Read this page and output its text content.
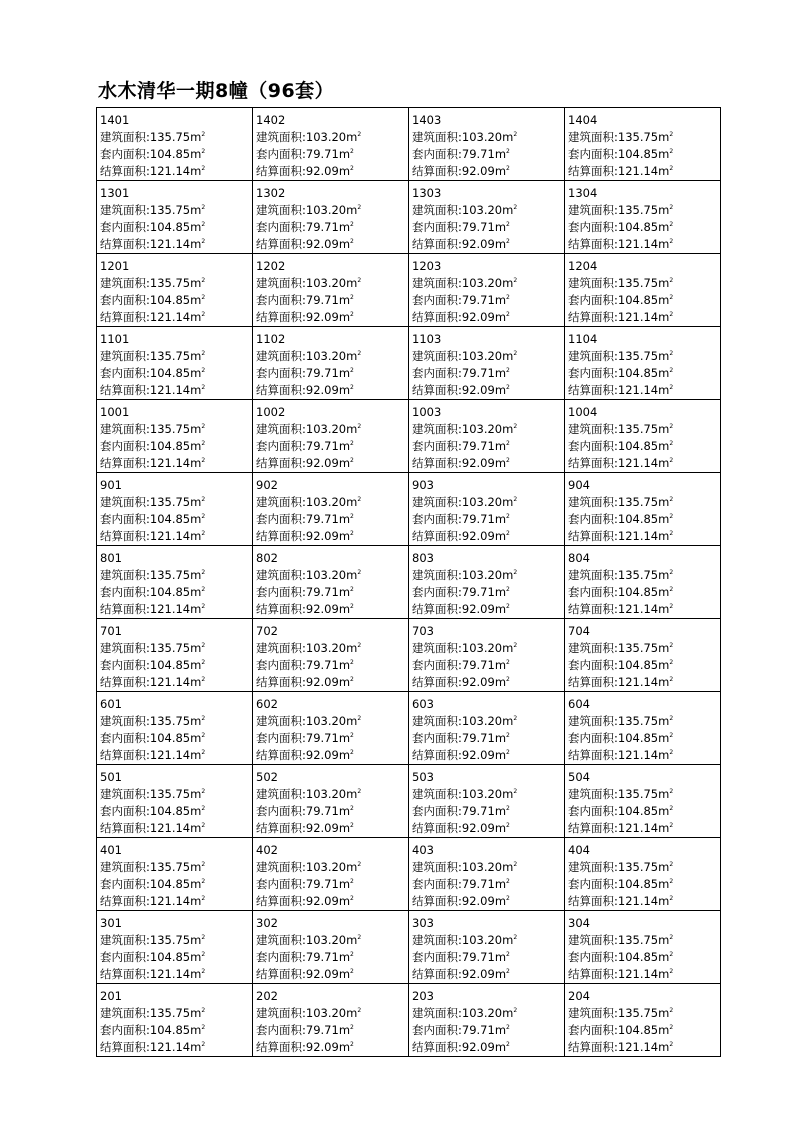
水木清华一期8幢（96套）
1401
建筑面积$:135.75m^2$
套内面积$:104.85m^2$
结算面积$:121.14m^2$	1402
建筑面积$:103.20m^2$
套内面积$:79.71m^2$
结算面积$:92.09m^2$	1403
建筑面积$:103.20m^2$
套内面积$:79.71m^2$
结算面积$:92.09m^2$	1404
建筑面积$:135.75m^2$
套内面积$:104.85m^2$
结算面积$:121.14m^2$

1301
建筑面积$:135.75m^2$
套内面积$:104.85m^2$
结算面积$:121.14m^2$	1302
建筑面积$:103.20m^2$
套内面积$:79.71m^2$
结算面积$:92.09m^2$	1303
建筑面积$:103.20m^2$
套内面积$:79.71m^2$
结算面积$:92.09m^2$	1304
建筑面积$:135.75m^2$
套内面积$:104.85m^2$
结算面积$:121.14m^2$

1201
建筑面积$:135.75m^2$
套内面积$:104.85m^2$
结算面积$:121.14m^2$	1202
建筑面积$:103.20m^2$
套内面积$:79.71m^2$
结算面积$:92.09m^2$	1203
建筑面积$:103.20m^2$
套内面积$:79.71m^2$
结算面积$:92.09m^2$	1204
建筑面积$:135.75m^2$
套内面积$:104.85m^2$
结算面积$:121.14m^2$

1101
建筑面积$:135.75m^2$
套内面积$:104.85m^2$
结算面积$:121.14m^2$	1102
建筑面积$:103.20m^2$
套内面积$:79.71m^2$
结算面积$:92.09m^2$	1103
建筑面积$:103.20m^2$
套内面积$:79.71m^2$
结算面积$:92.09m^2$	1104
建筑面积$:135.75m^2$
套内面积$:104.85m^2$
结算面积$:121.14m^2$

1001
建筑面积$:135.75m^2$
套内面积$:104.85m^2$
结算面积$:121.14m^2$	1002
建筑面积$:103.20m^2$
套内面积$:79.71m^2$
结算面积$:92.09m^2$	1003
建筑面积$:103.20m^2$
套内面积$:79.71m^2$
结算面积$:92.09m^2$	1004
建筑面积$:135.75m^2$
套内面积$:104.85m^2$
结算面积$:121.14m^2$

901
建筑面积$:135.75m^2$
套内面积$:104.85m^2$
结算面积$:121.14m^2$	902
建筑面积$:103.20m^2$
套内面积$:79.71m^2$
结算面积$:92.09m^2$	903
建筑面积$:103.20m^2$
套内面积$:79.71m^2$
结算面积$:92.09m^2$	904
建筑面积$:135.75m^2$
套内面积$:104.85m^2$
结算面积$:121.14m^2$

801
建筑面积$:135.75m^2$
套内面积$:104.85m^2$
结算面积$:121.14m^2$	802
建筑面积$:103.20m^2$
套内面积$:79.71m^2$
结算面积$:92.09m^2$	803
建筑面积$:103.20m^2$
套内面积$:79.71m^2$
结算面积$:92.09m^2$	804
建筑面积$:135.75m^2$
套内面积$:104.85m^2$
结算面积$:121.14m^2$

701
建筑面积$:135.75m^2$
套内面积$:104.85m^2$
结算面积$:121.14m^2$	702
建筑面积$:103.20m^2$
套内面积$:79.71m^2$
结算面积$:92.09m^2$	703
建筑面积$:103.20m^2$
套内面积$:79.71m^2$
结算面积$:92.09m^2$	704
建筑面积$:135.75m^2$
套内面积$:104.85m^2$
结算面积$:121.14m^2$

601
建筑面积$:135.75m^2$
套内面积$:104.85m^2$
结算面积$:121.14m^2$	602
建筑面积$:103.20m^2$
套内面积$:79.71m^2$
结算面积$:92.09m^2$	603
建筑面积$:103.20m^2$
套内面积$:79.71m^2$
结算面积$:92.09m^2$	604
建筑面积$:135.75m^2$
套内面积$:104.85m^2$
结算面积$:121.14m^2$

501
建筑面积$:135.75m^2$
套内面积$:104.85m^2$
结算面积$:121.14m^2$	502
建筑面积$:103.20m^2$
套内面积$:79.71m^2$
结算面积$:92.09m^2$	503
建筑面积$:103.20m^2$
套内面积$:79.71m^2$
结算面积$:92.09m^2$	504
建筑面积$:135.75m^2$
套内面积$:104.85m^2$
结算面积$:121.14m^2$

401
建筑面积$:135.75m^2$
套内面积$:104.85m^2$
结算面积$:121.14m^2$	402
建筑面积$:103.20m^2$
套内面积$:79.71m^2$
结算面积$:92.09m^2$	403
建筑面积$:103.20m^2$
套内面积$:79.71m^2$
结算面积$:92.09m^2$	404
建筑面积$:135.75m^2$
套内面积$:104.85m^2$
结算面积$:121.14m^2$

301
建筑面积$:135.75m^2$
套内面积$:104.85m^2$
结算面积$:121.14m^2$	302
建筑面积$:103.20m^2$
套内面积$:79.71m^2$
结算面积$:92.09m^2$	303
建筑面积$:103.20m^2$
套内面积$:79.71m^2$
结算面积$:92.09m^2$	304
建筑面积$:135.75m^2$
套内面积$:104.85m^2$
结算面积$:121.14m^2$

201
建筑面积$:135.75m^2$
套内面积$:104.85m^2$
结算面积$:121.14m^2$	202
建筑面积$:103.20m^2$
套内面积$:79.71m^2$
结算面积$:92.09m^2$	203
建筑面积$:103.20m^2$
套内面积$:79.71m^2$
结算面积$:92.09m^2$	204
建筑面积$:135.75m^2$
套内面积$:104.85m^2$
结算面积$:121.14m^2$
